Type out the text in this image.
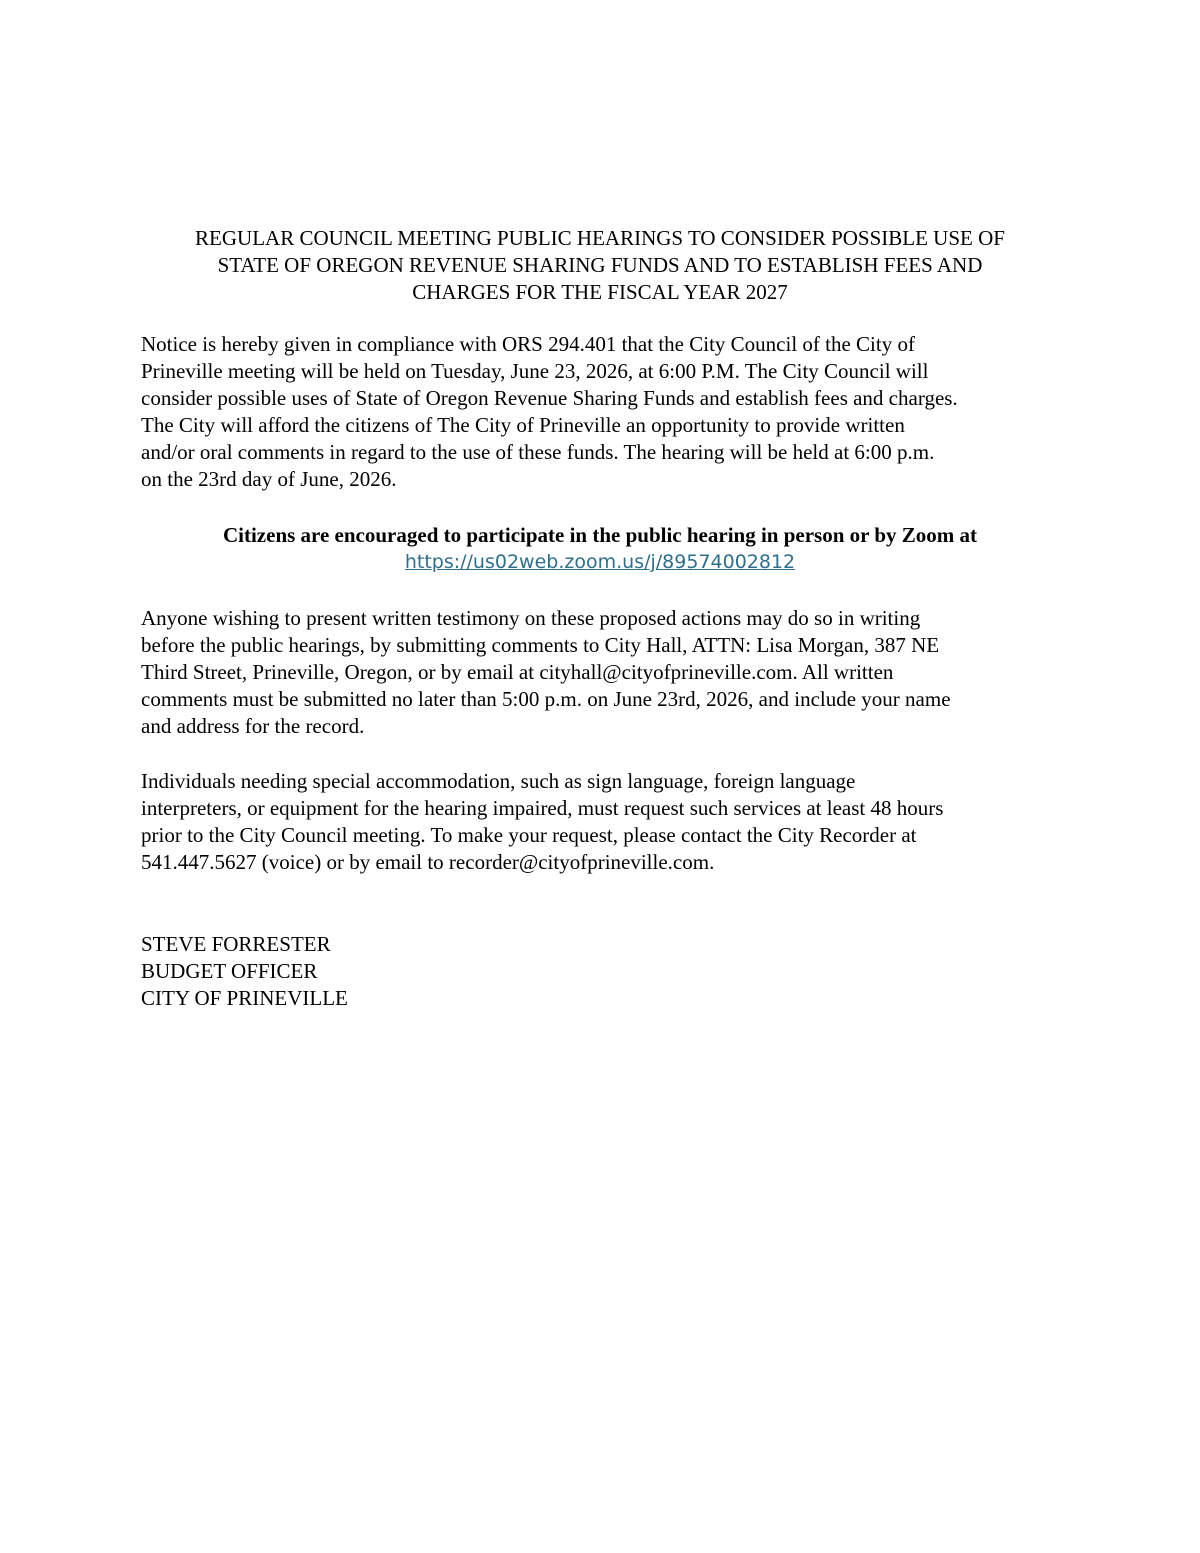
REGULAR COUNCIL MEETING PUBLIC HEARINGS TO CONSIDER POSSIBLE USE OF
STATE OF OREGON REVENUE SHARING FUNDS AND TO ESTABLISH FEES AND
CHARGES FOR THE FISCAL YEAR 2027
Notice is hereby given in compliance with ORS 294.401 that the City Council of the City of
Prineville meeting will be held on Tuesday, June 23, 2026, at 6:00 P.M. The City Council will
consider possible uses of State of Oregon Revenue Sharing Funds and establish fees and charges.
The City will afford the citizens of The City of Prineville an opportunity to provide written
and/or oral comments in regard to the use of these funds. The hearing will be held at 6:00 p.m.
on the 23rd day of June, 2026.
Citizens are encouraged to participate in the public hearing in person or by Zoom at
https://us02web.zoom.us/j/89574002812
Anyone wishing to present written testimony on these proposed actions may do so in writing
before the public hearings, by submitting comments to City Hall, ATTN: Lisa Morgan, 387 NE
Third Street, Prineville, Oregon, or by email at cityhall@cityofprineville.com. All written
comments must be submitted no later than 5:00 p.m. on June 23rd, 2026, and include your name
and address for the record.
Individuals needing special accommodation, such as sign language, foreign language
interpreters, or equipment for the hearing impaired, must request such services at least 48 hours
prior to the City Council meeting. To make your request, please contact the City Recorder at
541.447.5627 (voice) or by email to recorder@cityofprineville.com.
STEVE FORRESTER
BUDGET OFFICER
CITY OF PRINEVILLE
